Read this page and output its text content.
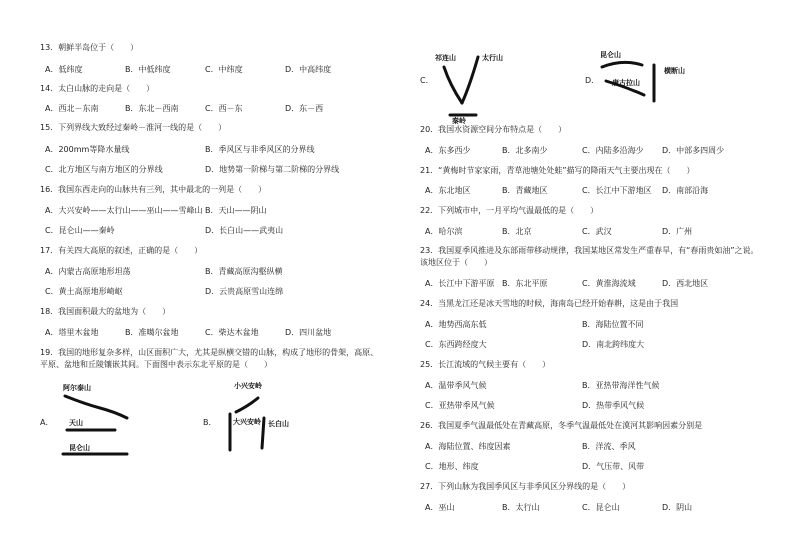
13．朝鲜半岛位于（　　）
A．低纬度	B．中低纬度	C．中纬度	D．中高纬度
14．太白山脉的走向是（　　）
A．西北－东南	B．东北－西南	C．西－东	D．东－西
15．下列界线大致经过秦岭－淮河一线的是（　　）
A．200mm等降水量线	B．季风区与非季风区的分界线
C．北方地区与南方地区的分界线	D．地势第一阶梯与第二阶梯的分界线
16．我国东西走向的山脉共有三列，其中最北的一列是（　　）
A．大兴安岭——太行山——巫山——雪峰山 B．天山——阴山
C．昆仑山——秦岭	D．长白山——武夷山
17．有关四大高原的叙述，正确的是（　　）
A．内蒙古高原地形坦荡	B．青藏高原沟壑纵横
C．黄土高原地形崎岖	D．云贵高原雪山连绵
18．我国面积最大的盆地为（　　）
A．塔里木盆地	B．准噶尔盆地	C．柴达木盆地	D．四川盆地
19．我国的地形复杂多样，山区面积广大，尤其是纵横交错的山脉，构成了地形的骨架，高原、
平原、盆地和丘陵镶嵌其间。下面图中表示东北平原的是（　　）
A．
阿尔泰山
天山
昆仑山
B．
小兴安岭
大兴安岭 长白山
C．
祁连山	太行山
秦岭
D．
昆仑山
唐古拉山
横断山
20．我国水资源空间分布特点是（　　）
A．东多西少	B．北多南少	C．内陆多沿海少 D．中部多四周少
21．“黄梅时节家家雨，青草池塘处处蛙”描写的降雨天气主要出现在（　　）
A．东北地区	B．青藏地区	C．长江中下游地区 D．南部沿海
22．下列城市中，一月平均气温最低的是（　　）
A．哈尔滨	B．北京	C．武汉	D．广州
23．我国夏季风推进及东部雨带移动规律，我国某地区常发生严重春旱，有“春雨贵如油”之说。
该地区位于（　　）
A．长江中下游平原 B．东北平原	C．黄淮海流域	D．西北地区
24．当黑龙江还是冰天雪地的时候，海南岛已经开始春耕，这是由于我国
A．地势西高东低	B．海陆位置不同
C．东西跨经度大	D．南北跨纬度大
25．长江流域的气候主要有（　　）
A．温带季风气候	B．亚热带海洋性气候
C．亚热带季风气候	D．热带季风气候
26．我国夏季气温最低处在青藏高原，冬季气温最低处在漠河其影响因素分别是
A．海陆位置、纬度因素	B．洋流、季风
C．地形、纬度	D．气压带、风带
27．下列山脉为我国季风区与非季风区分界线的是（　　）
A．巫山	B．太行山	C．昆仑山	D．阴山
